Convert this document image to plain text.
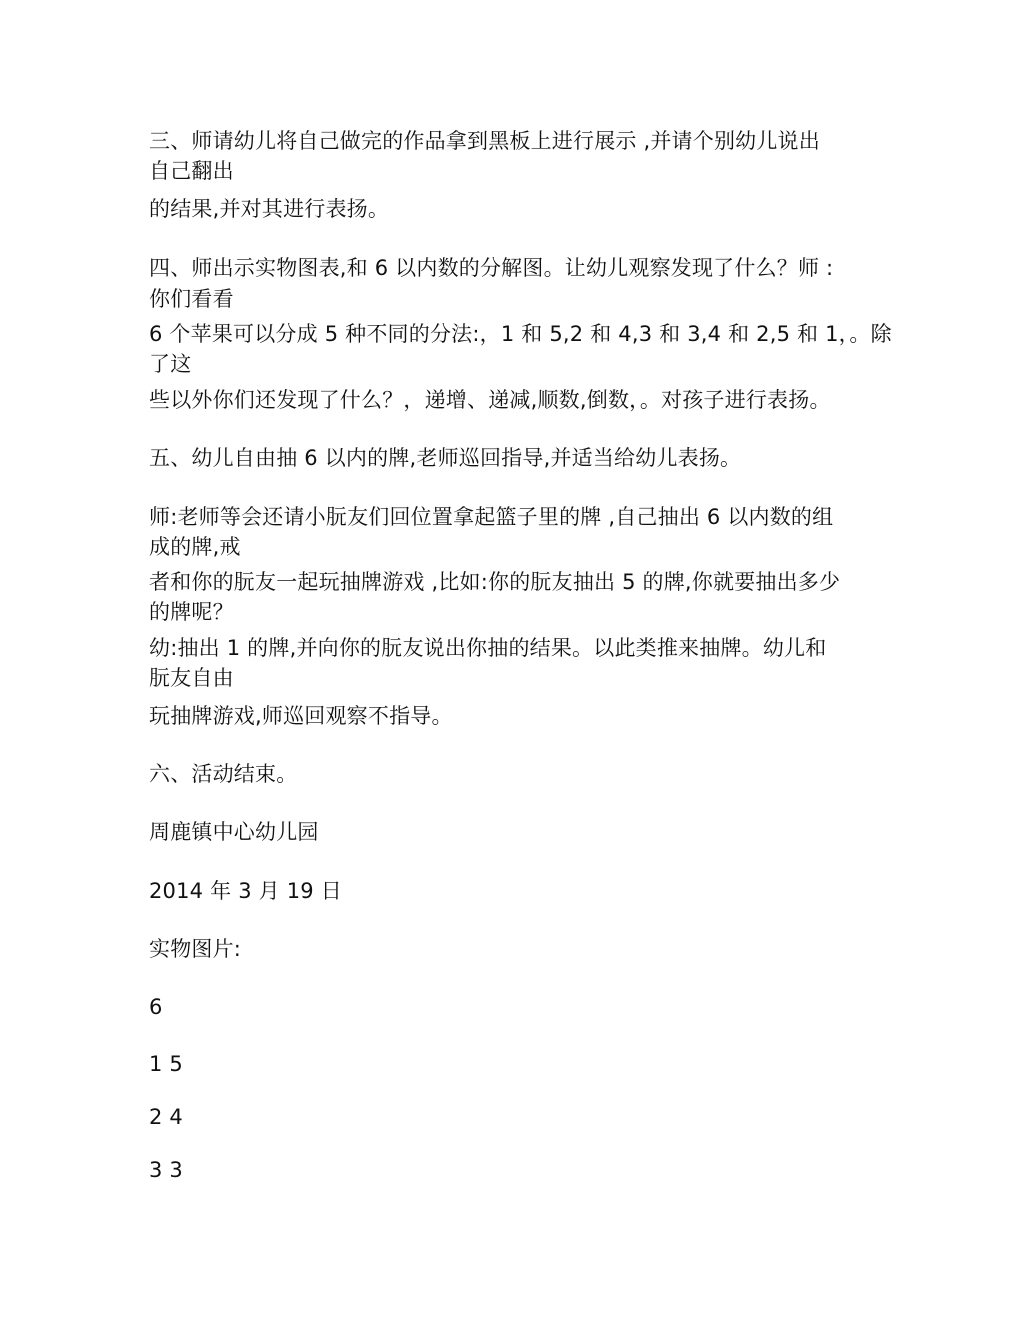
三、师请幼儿将自己做完的作品拿到黑板上进行展示 ,并请个别幼儿说出
自己翻出
的结果,并对其进行表扬。
四、师出示实物图表,和 6 以内数的分解图。让幼儿观察发现了什么？师 :
你们看看
6 个苹果可以分成 5 种不同的分法:，1 和 5,2 和 4,3 和 3,4 和 2,5 和 1，。除
了这
些以外你们还发现了什么？，递增、递减,顺数,倒数，。对孩子进行表扬。
五、幼儿自由抽 6 以内的牌,老师巡回指导,并适当给幼儿表扬。
师:老师等会还请小朊友们回位置拿起篮子里的牌 ,自己抽出 6 以内数的组
成的牌,戒
者和你的朊友一起玩抽牌游戏 ,比如:你的朊友抽出 5 的牌,你就要抽出多少
的牌呢？
幼:抽出 1 的牌,并向你的朊友说出你抽的结果。以此类推来抽牌。幼儿和
朊友自由
玩抽牌游戏,师巡回观察不指导。
六、活动结束。
周鹿镇中心幼儿园
2014 年 3 月 19 日
实物图片:
6
1 5
2 4
3 3
